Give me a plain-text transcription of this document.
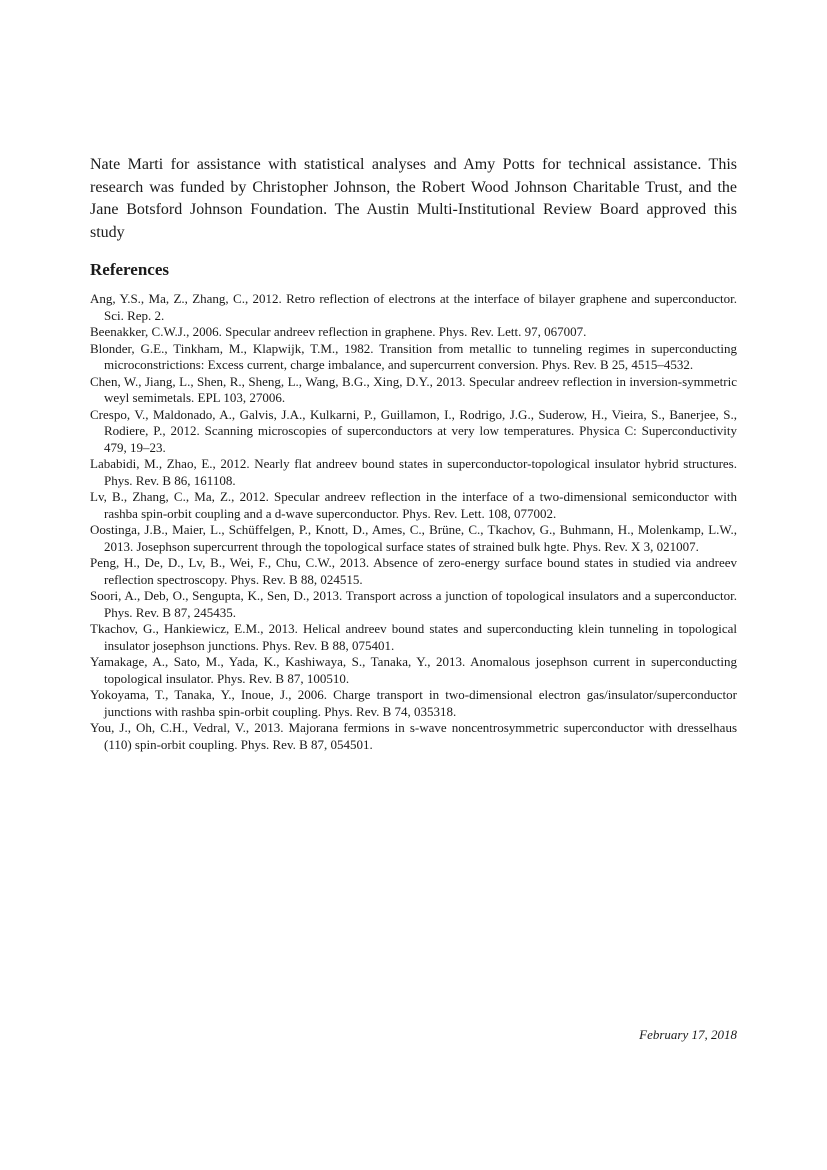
Nate Marti for assistance with statistical analyses and Amy Potts for technical assistance. This research was funded by Christopher Johnson, the Robert Wood Johnson Charitable Trust, and the Jane Botsford Johnson Foundation. The Austin Multi-Institutional Review Board approved this study

References
Ang, Y.S., Ma, Z., Zhang, C., 2012. Retro reflection of electrons at the interface of bilayer graphene and superconductor. Sci. Rep. 2.
Beenakker, C.W.J., 2006. Specular andreev reflection in graphene. Phys. Rev. Lett. 97, 067007.
Blonder, G.E., Tinkham, M., Klapwijk, T.M., 1982. Transition from metallic to tunneling regimes in superconducting microconstrictions: Excess current, charge imbalance, and supercurrent conversion. Phys. Rev. B 25, 4515–4532.
Chen, W., Jiang, L., Shen, R., Sheng, L., Wang, B.G., Xing, D.Y., 2013. Specular andreev reflection in inversion-symmetric weyl semimetals. EPL 103, 27006.
Crespo, V., Maldonado, A., Galvis, J.A., Kulkarni, P., Guillamon, I., Rodrigo, J.G., Suderow, H., Vieira, S., Banerjee, S., Rodiere, P., 2012. Scanning microscopies of superconductors at very low temperatures. Physica C: Superconductivity 479, 19–23.
Lababidi, M., Zhao, E., 2012. Nearly flat andreev bound states in superconductor-topological insulator hybrid structures. Phys. Rev. B 86, 161108.
Lv, B., Zhang, C., Ma, Z., 2012. Specular andreev reflection in the interface of a two-dimensional semiconductor with rashba spin-orbit coupling and a d-wave superconductor. Phys. Rev. Lett. 108, 077002.
Oostinga, J.B., Maier, L., Schüffelgen, P., Knott, D., Ames, C., Brüne, C., Tkachov, G., Buhmann, H., Molenkamp, L.W., 2013. Josephson supercurrent through the topological surface states of strained bulk hgte. Phys. Rev. X 3, 021007.
Peng, H., De, D., Lv, B., Wei, F., Chu, C.W., 2013. Absence of zero-energy surface bound states in studied via andreev reflection spectroscopy. Phys. Rev. B 88, 024515.
Soori, A., Deb, O., Sengupta, K., Sen, D., 2013. Transport across a junction of topological insulators and a superconductor. Phys. Rev. B 87, 245435.
Tkachov, G., Hankiewicz, E.M., 2013. Helical andreev bound states and superconducting klein tunneling in topological insulator josephson junctions. Phys. Rev. B 88, 075401.
Yamakage, A., Sato, M., Yada, K., Kashiwaya, S., Tanaka, Y., 2013. Anomalous josephson current in superconducting topological insulator. Phys. Rev. B 87, 100510.
Yokoyama, T., Tanaka, Y., Inoue, J., 2006. Charge transport in two-dimensional electron gas/insulator/superconductor junctions with rashba spin-orbit coupling. Phys. Rev. B 74, 035318.
You, J., Oh, C.H., Vedral, V., 2013. Majorana fermions in s-wave noncentrosymmetric superconductor with dresselhaus (110) spin-orbit coupling. Phys. Rev. B 87, 054501.

February 17, 2018
